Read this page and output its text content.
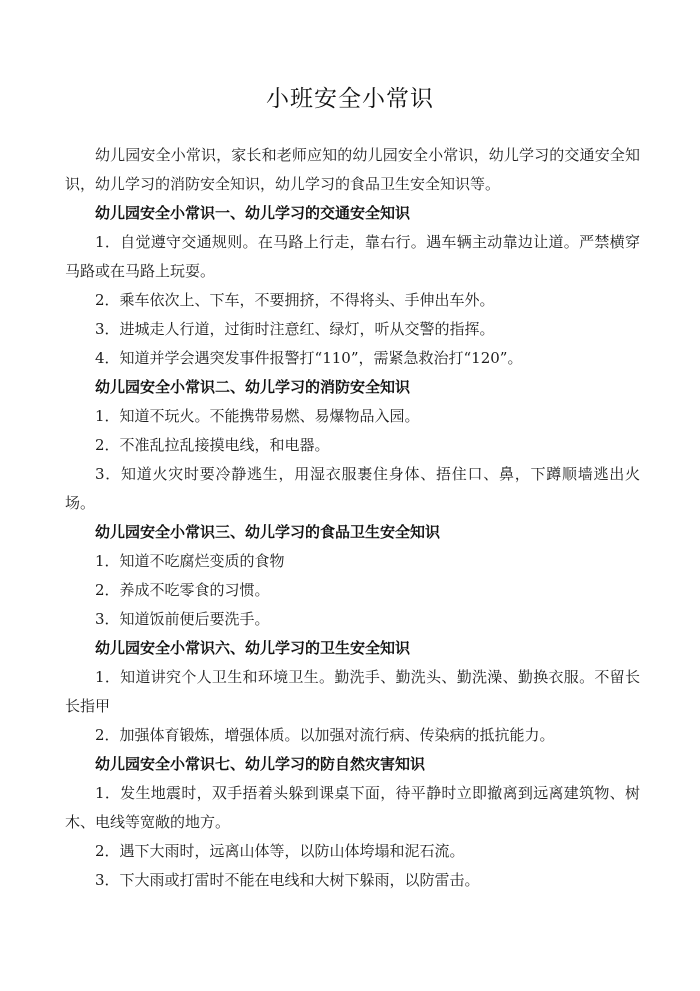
小班安全小常识

幼儿园安全小常识，家长和老师应知的幼儿园安全小常识，幼儿学习的交通安全知识，幼儿学习的消防安全知识，幼儿学习的食品卫生安全知识等。

幼儿园安全小常识一、幼儿学习的交通安全知识

1．自觉遵守交通规则。在马路上行走，靠右行。遇车辆主动靠边让道。严禁横穿马路或在马路上玩耍。

2．乘车依次上、下车，不要拥挤，不得将头、手伸出车外。

3．进城走人行道，过街时注意红、绿灯，听从交警的指挥。

4．知道并学会遇突发事件报警打“110”，需紧急救治打“120”。

幼儿园安全小常识二、幼儿学习的消防安全知识

1．知道不玩火。不能携带易燃、易爆物品入园。

2．不准乱拉乱接摸电线，和电器。

3．知道火灾时要冷静逃生，用湿衣服裹住身体、捂住口、鼻，下蹲顺墙逃出火场。

幼儿园安全小常识三、幼儿学习的食品卫生安全知识

1．知道不吃腐烂变质的食物

2．养成不吃零食的习惯。

3．知道饭前便后要洗手。

幼儿园安全小常识六、幼儿学习的卫生安全知识

1．知道讲究个人卫生和环境卫生。勤洗手、勤洗头、勤洗澡、勤换衣服。不留长长指甲

2．加强体育锻炼，增强体质。以加强对流行病、传染病的抵抗能力。

幼儿园安全小常识七、幼儿学习的防自然灾害知识

1．发生地震时，双手捂着头躲到课桌下面，待平静时立即撤离到远离建筑物、树木、电线等宽敞的地方。

2．遇下大雨时，远离山体等，以防山体垮塌和泥石流。

3．下大雨或打雷时不能在电线和大树下躲雨，以防雷击。
